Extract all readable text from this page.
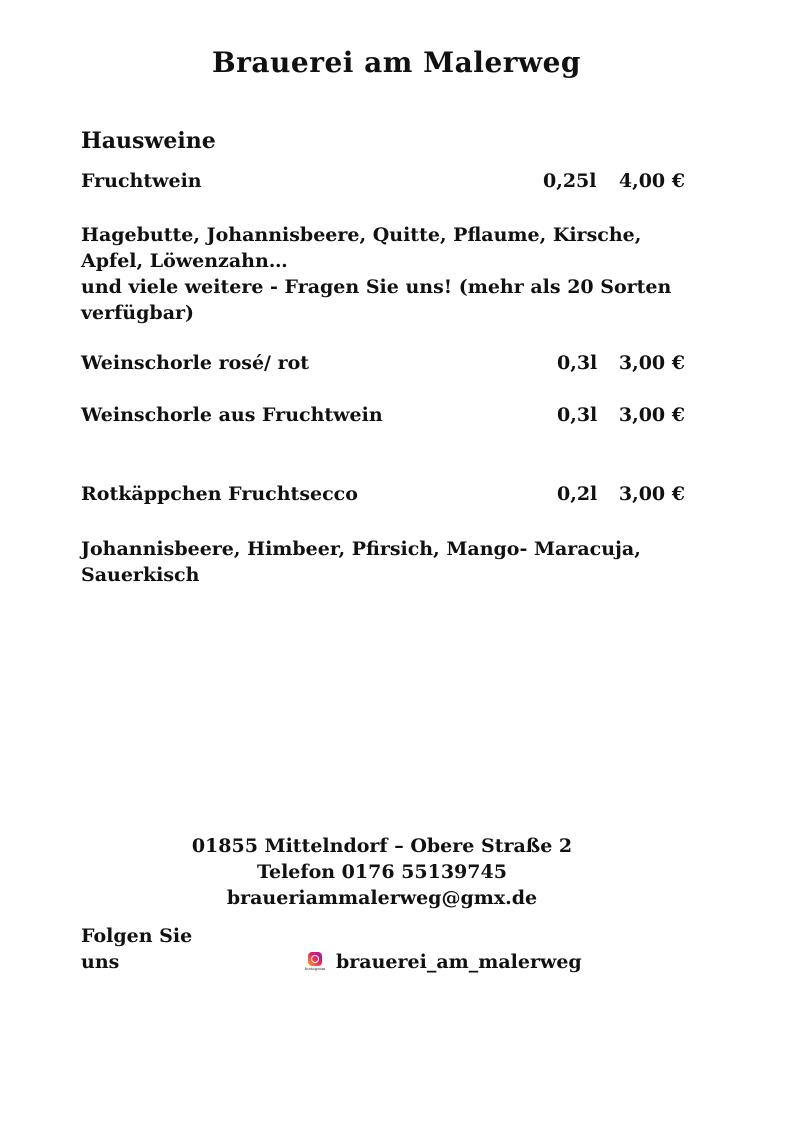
Brauerei am Malerweg
Hausweine
Fruchtwein	0,25l 4,00 €
Hagebutte, Johannisbeere, Quitte, Pflaume, Kirsche,
Apfel, Löwenzahn…
und viele weitere - Fragen Sie uns! (mehr als 20 Sorten
verfügbar)
Weinschorle rosé/ rot	0,3l 3,00 €
Weinschorle aus Fruchtwein	0,3l 3,00 €
Rotkäppchen Fruchtsecco	0,2l 3,00 €
Johannisbeere, Himbeer, Pfirsich, Mango- Maracuja,
Sauerkisch
01855 Mittelndorf – Obere Straße 2
Telefon 0176 55139745
braueriammalerweg@gmx.de
Folgen Sie
uns	Instagram brauerei_am_malerweg
